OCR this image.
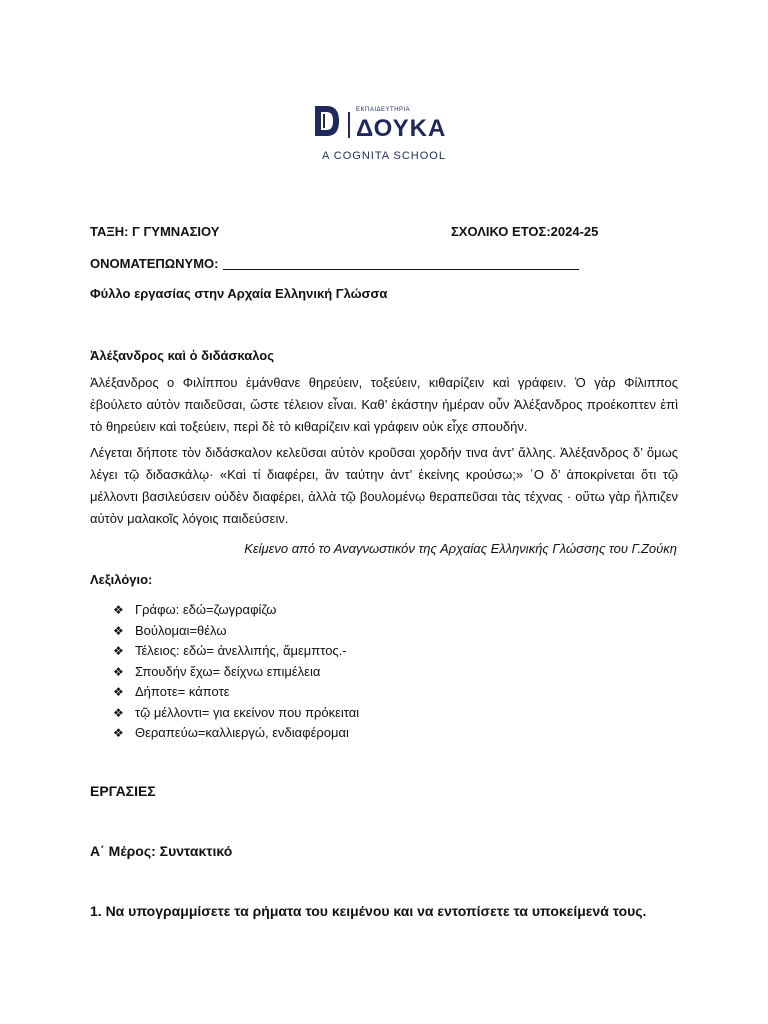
ΕΚΠΑΙΔΕΥΤΗΡΙΑ
ΔΟΥΚΑ
A COGNITA SCHOOL
ΤΑΞΗ: Γ ΓΥΜΝΑΣΙΟΥ	ΣΧΟΛΙΚΟ ΕΤΟΣ:2024-25
ΟΝΟΜΑΤΕΠΩΝΥΜΟ:
Φύλλο εργασίας στην Αρχαία Ελληνική Γλώσσα
Ἀλέξανδρος καὶ ὁ διδάσκαλος
Ἀλέξανδρος ο Φιλίππου ἐμάνθανε θηρεύειν, τοξεύειν, κιθαρίζειν καὶ γράφειν. Ὁ γὰρ Φίλιππος ἐβούλετο αὐτὸν παιδεῦσαι, ὥστε τέλειον εἶναι. Καθ’ ἑκάστην ἡμέραν οὖν Ἀλέξανδρος προέκοπτεν ἐπὶ τὸ θηρεύειν καὶ τοξεύειν, περὶ δὲ τὸ κιθαρίζειν καὶ γράφειν οὐκ εἶχε σπουδήν.
Λέγεται δήποτε τὸν διδάσκαλον κελεῦσαι αὐτὸν κροῦσαι χορδήν τινα ἀντ’ ἄλλης. Ἀλέξανδρος δ’ ὅμως λέγει τῷ διδασκάλῳ· «Καὶ τί διαφέρει, ἂν ταύτην ἀντ’ ἐκείνης κρούσω;» ῾Ο δ’ ἀποκρίνεται ὅτι τῷ μέλλοντι βασιλεύσειν οὐδὲν διαφέρει, ἀλλὰ τῷ βουλομένῳ θεραπεῦσαι τὰς τέχνας · οὕτω γὰρ ἤλπιζεν αὐτὸν μαλακοῖς λόγοις παιδεύσειν.
Κείμενο από το Αναγνωστικόν της Αρχαίας Ελληνικής Γλώσσης του Γ.Ζούκη
Λεξιλόγιο:
❖ Γράφω: εδώ=ζωγραφίζω
❖ Βούλομαι=θέλω
❖ Τέλειος: εδώ= ἀνελλιπής, ἄμεμπτος.-
❖ Σπουδήν ἔχω= δείχνω επιμέλεια
❖ Δήποτε= κάποτε
❖ τῷ μέλλοντι= για εκείνον που πρόκειται
❖ Θεραπεύω=καλλιεργώ, ενδιαφέρομαι
ΕΡΓΑΣΙΕΣ
Α΄ Μέρος: Συντακτικό
1. Να υπογραμμίσετε τα ρήματα του κειμένου και να εντοπίσετε τα υποκείμενά τους.
